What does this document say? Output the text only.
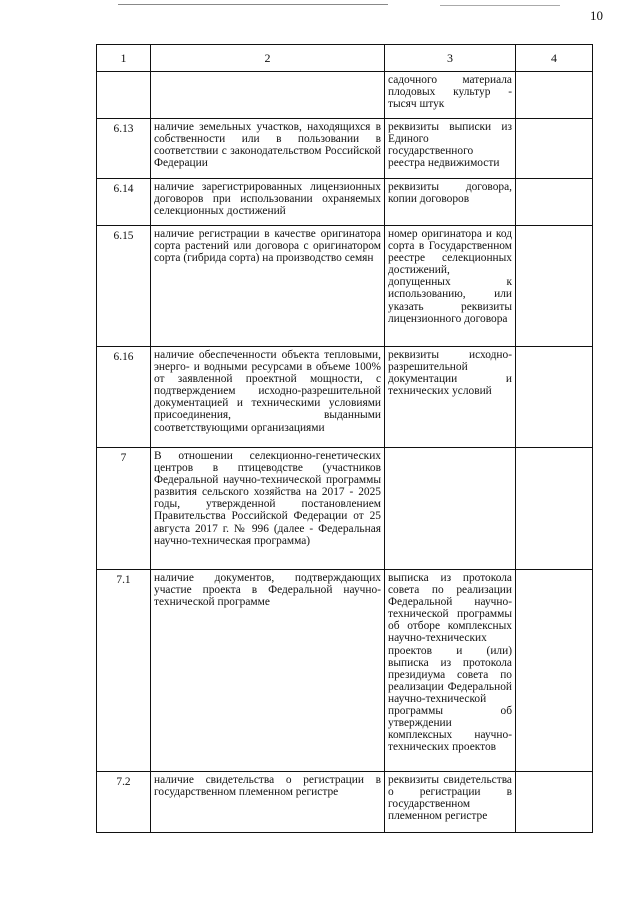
10
1	2	3	4
		садочного материала плодовых культур - тысяч штук	
6.13	наличие земельных участков, находящихся в собственности или в пользовании в соответствии с законодательством Российской Федерации	реквизиты выписки из Единого государственного реестра недвижимости	
6.14	наличие зарегистрированных лицензионных договоров при использовании охраняемых селекционных достижений	реквизиты договора, копии договоров	
6.15	наличие регистрации в качестве оригинатора сорта растений или договора с оригинатором сорта (гибрида сорта) на производство семян	номер оригинатора и код сорта в Государственном реестре селекционных достижений, допущенных к использованию, или указать реквизиты лицензионного договора	
6.16	наличие обеспеченности объекта тепловыми, энерго- и водными ресурсами в объеме 100% от заявленной проектной мощности, с подтверждением исходно-разрешительной документацией и техническими условиями присоединения, выданными соответствующими организациями	реквизиты исходно-разрешительной документации и технических условий	
7	В отношении селекционно-генетических центров в птицеводстве (участников Федеральной научно-технической программы развития сельского хозяйства на 2017 - 2025 годы, утвержденной постановлением Правительства Российской Федерации от 25 августа 2017 г. № 996 (далее - Федеральная научно-техническая программа)		
7.1	наличие документов, подтверждающих участие проекта в Федеральной научно-технической программе	выписка из протокола совета по реализации Федеральной научно-технической программы об отборе комплексных научно-технических проектов и (или) выписка из протокола президиума совета по реализации Федеральной научно-технической программы об утверждении комплексных научно-технических проектов	
7.2	наличие свидетельства о регистрации в государственном племенном регистре	реквизиты свидетельства о регистрации в государственном племенном регистре	
